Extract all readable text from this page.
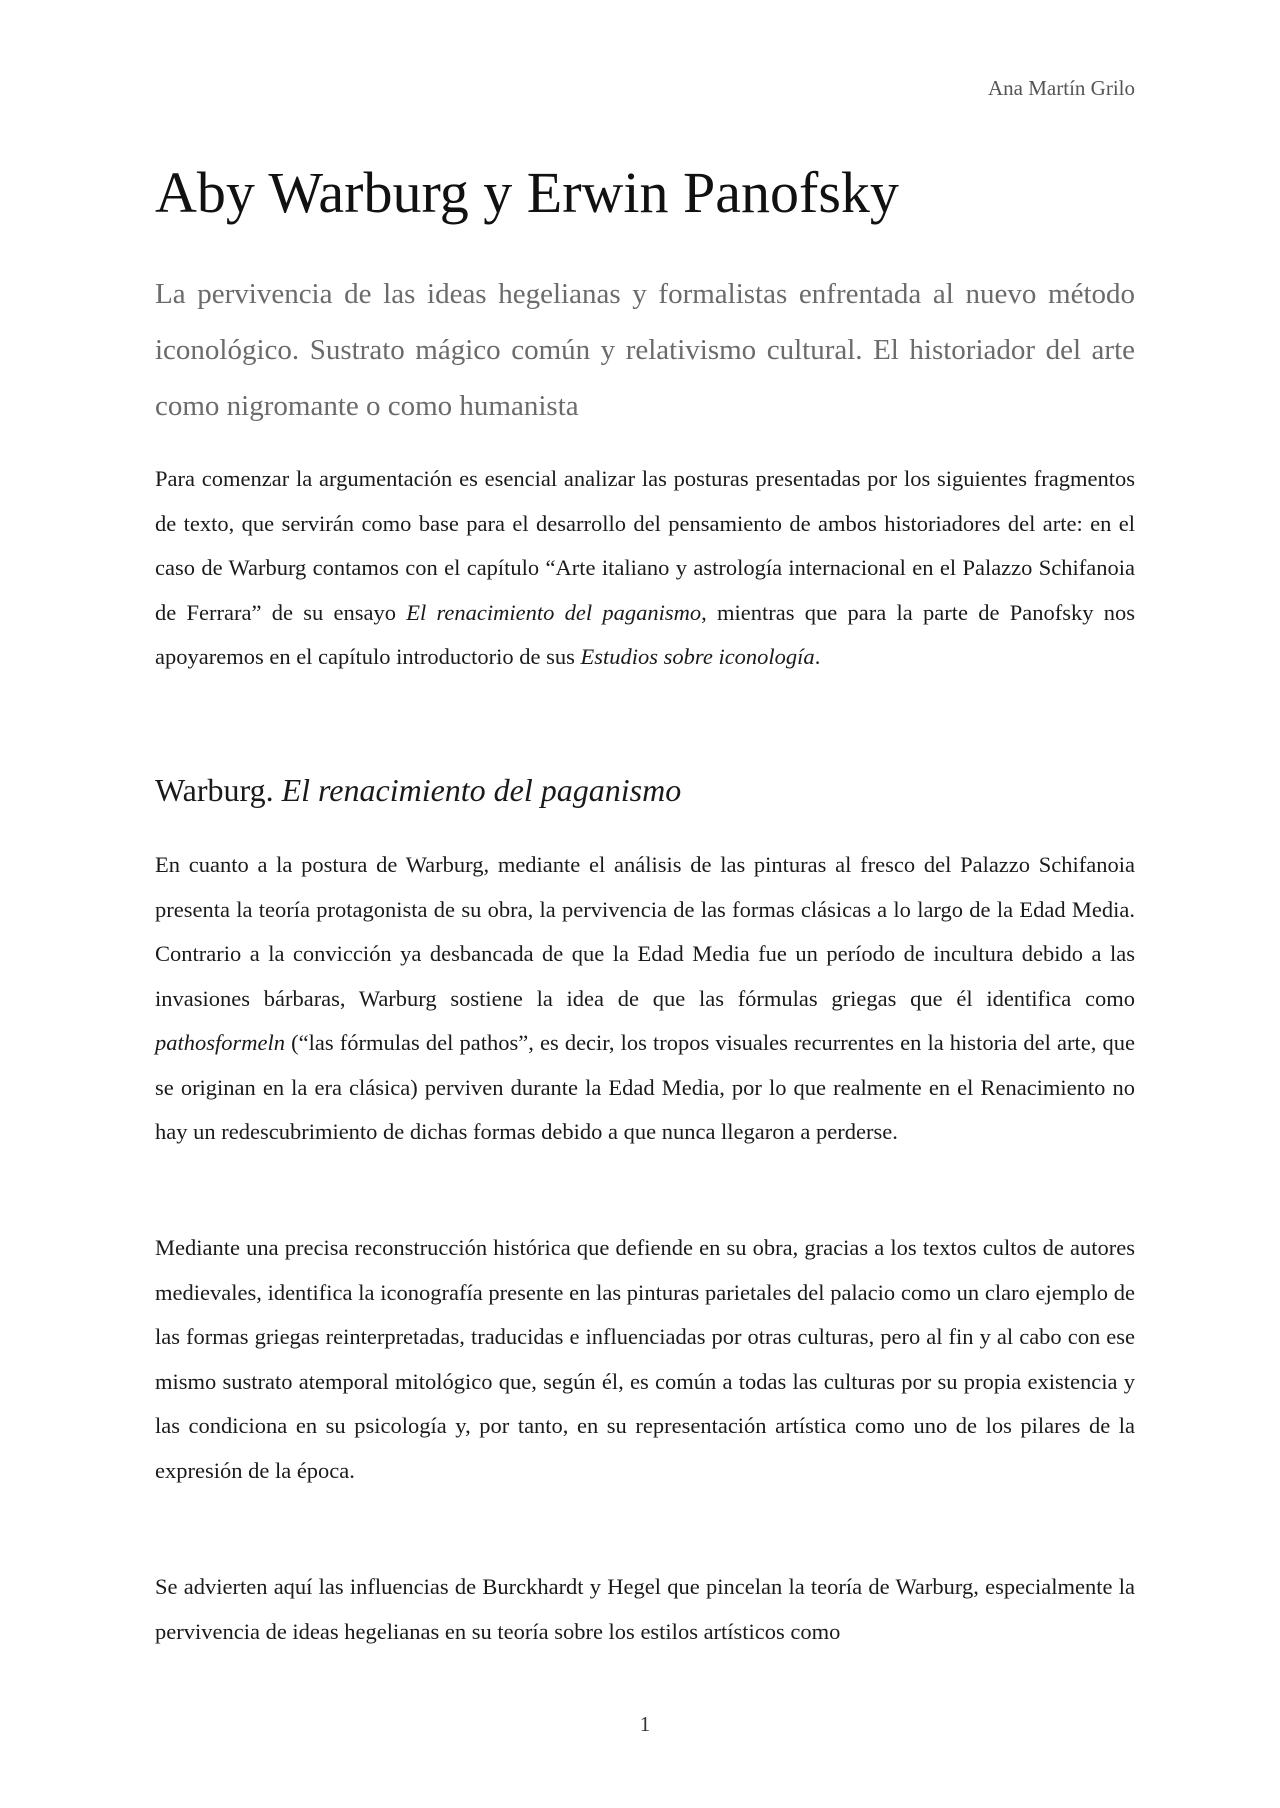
Ana Martín Grilo
Aby Warburg y Erwin Panofsky
La pervivencia de las ideas hegelianas y formalistas enfrentada al nuevo método iconológico. Sustrato mágico común y relativismo cultural. El historiador del arte como nigromante o como humanista

Para comenzar la argumentación es esencial analizar las posturas presentadas por los siguientes fragmentos de texto, que servirán como base para el desarrollo del pensamiento de ambos historiadores del arte: en el caso de Warburg contamos con el capítulo “Arte italiano y astrología internacional en el Palazzo Schifanoia de Ferrara” de su ensayo El renacimiento del paganismo, mientras que para la parte de Panofsky nos apoyaremos en el capítulo introductorio de sus Estudios sobre iconología.

Warburg. El renacimiento del paganismo

En cuanto a la postura de Warburg, mediante el análisis de las pinturas al fresco del Palazzo Schifanoia presenta la teoría protagonista de su obra, la pervivencia de las formas clásicas a lo largo de la Edad Media. Contrario a la convicción ya desbancada de que la Edad Media fue un período de incultura debido a las invasiones bárbaras, Warburg sostiene la idea de que las fórmulas griegas que él identifica como pathosformeln (“las fórmulas del pathos”, es decir, los tropos visuales recurrentes en la historia del arte, que se originan en la era clásica) perviven durante la Edad Media, por lo que realmente en el Renacimiento no hay un redescubrimiento de dichas formas debido a que nunca llegaron a perderse.

Mediante una precisa reconstrucción histórica que defiende en su obra, gracias a los textos cultos de autores medievales, identifica la iconografía presente en las pinturas parietales del palacio como un claro ejemplo de las formas griegas reinterpretadas, traducidas e influenciadas por otras culturas, pero al fin y al cabo con ese mismo sustrato atemporal mitológico que, según él, es común a todas las culturas por su propia existencia y las condiciona en su psicología y, por tanto, en su representación artística como uno de los pilares de la expresión de la época.

Se advierten aquí las influencias de Burckhardt y Hegel que pincelan la teoría de Warburg, especialmente la pervivencia de ideas hegelianas en su teoría sobre los estilos artísticos como

1
